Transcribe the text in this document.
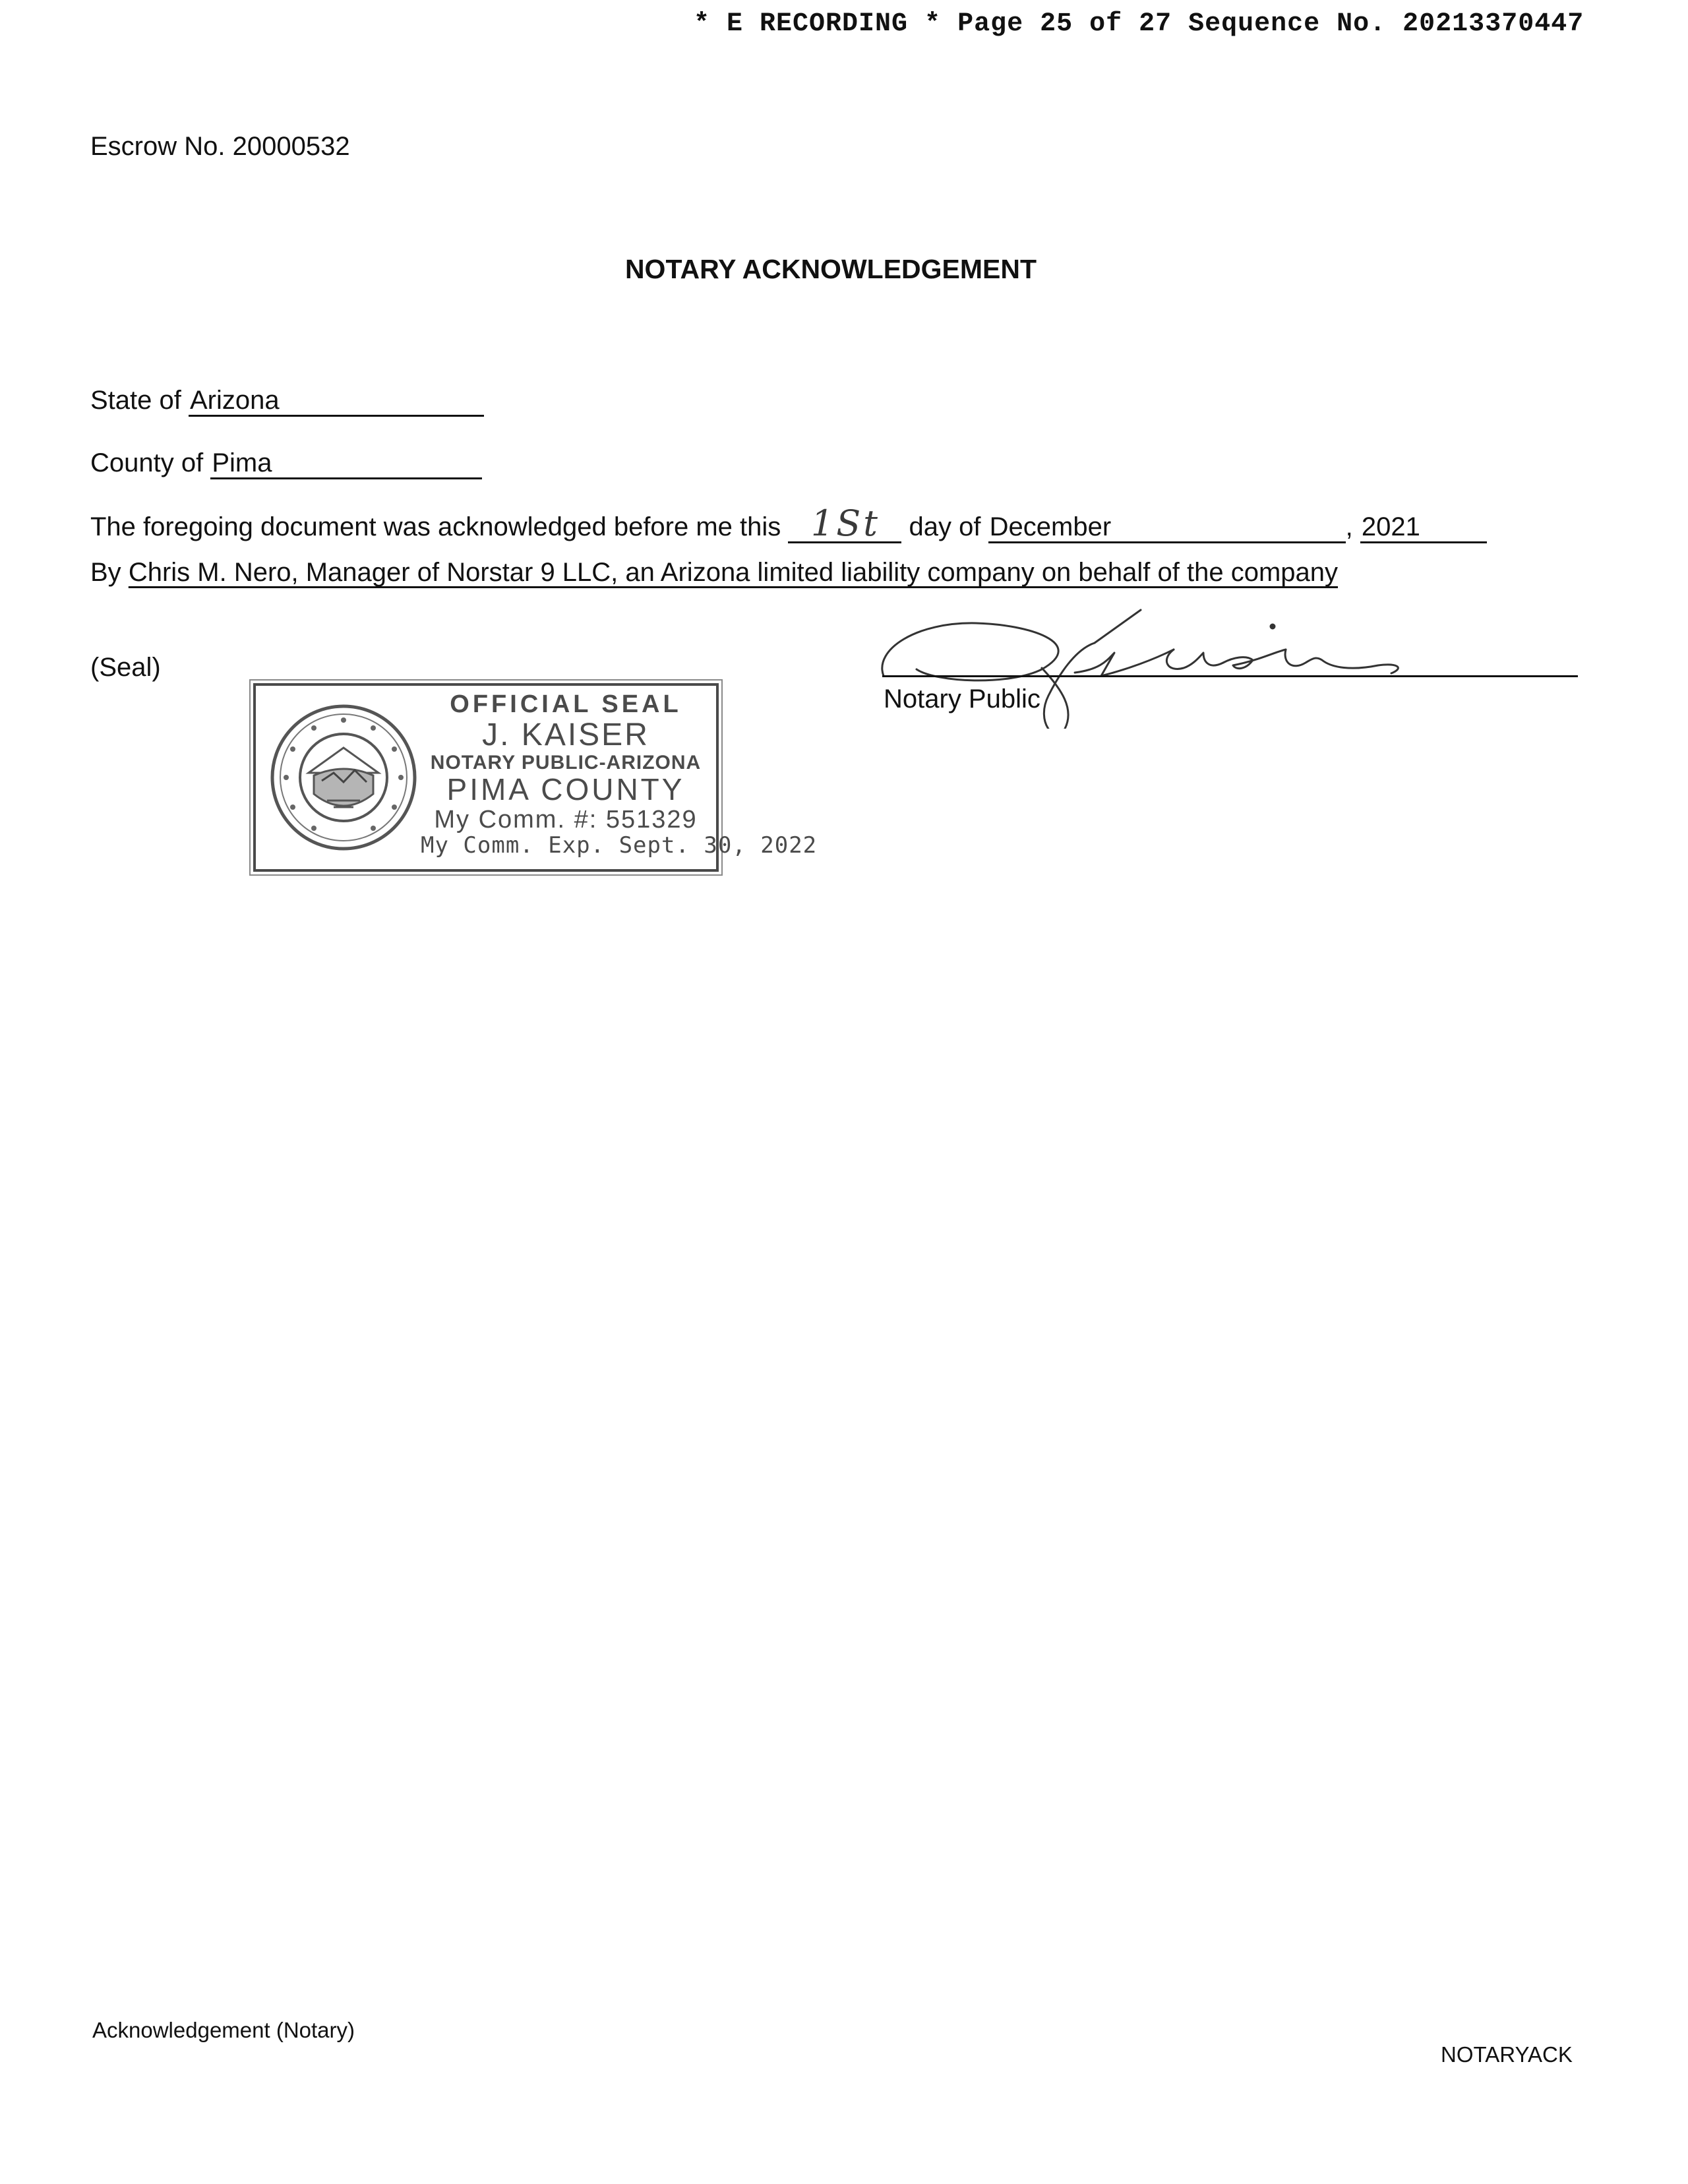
* E RECORDING * Page 25 of 27 Sequence No. 20213370447
Escrow No. 20000532
NOTARY ACKNOWLEDGEMENT
State of Arizona
County of Pima
The foregoing document was acknowledged before me this 1St day of December	, 2021
By Chris M. Nero, Manager of Norstar 9 LLC, an Arizona limited liability company on behalf of the company
(Seal)
OFFICIAL SEAL
J. KAISER
NOTARY PUBLIC-ARIZONA
PIMA COUNTY
My Comm. #: 551329
My Comm. Exp. Sept. 30, 2022
Notary Public
Acknowledgement (Notary)
NOTARYACK
